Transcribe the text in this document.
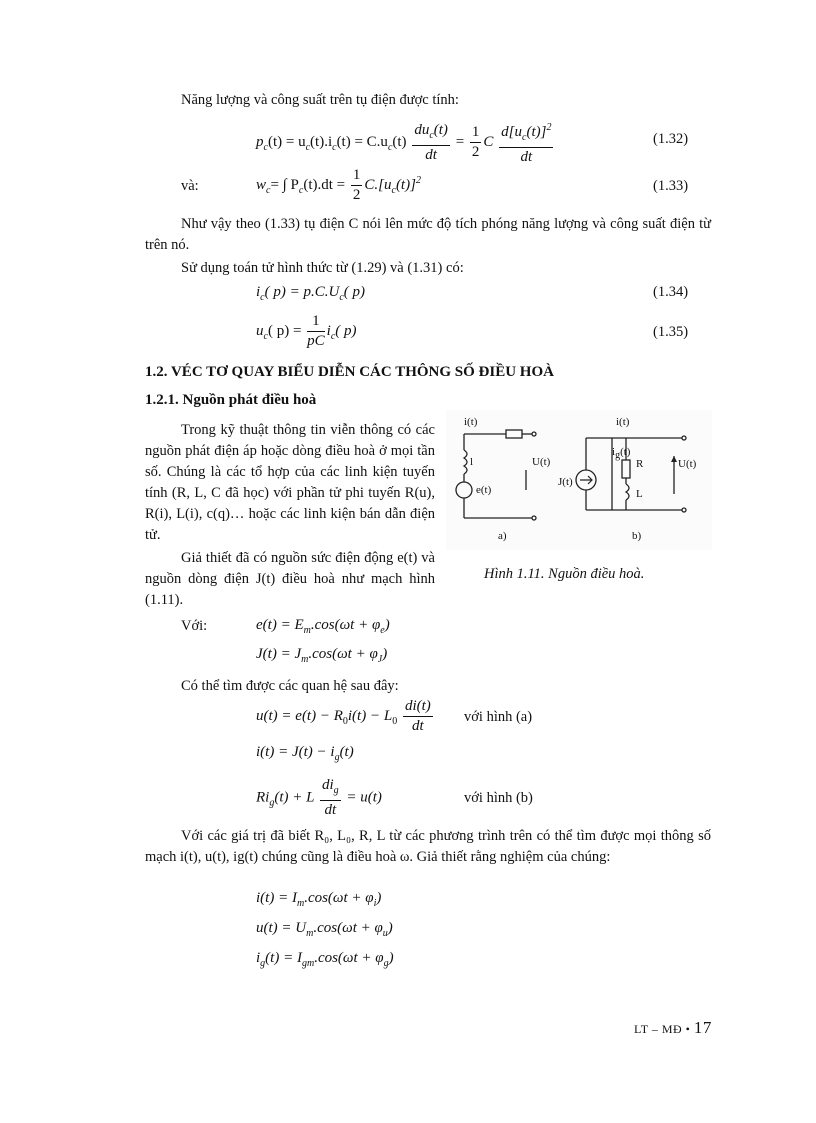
Năng lượng và công suất trên tụ điện được tính:
$p_c(t) = u_c(t).i_c(t) = C.u_c(t) \frac{du_c(t)}{dt} = \frac{1}{2}$ C $\frac{d[u_c(t)]^2}{dt}$	(1.32)
và:	$w_c=$ ∫ $P_c(t).dt = \frac{1}{2} C.[u_c(t)]^2$	(1.33)
Như vậy theo (1.33) tụ điện C nói lên mức độ tích phóng năng lượng và công suất điện từ trên nó.
Sử dụng toán tử hình thức từ (1.29) và (1.31) có:
$i_c$( $p) = p.C.U_c$( p)	(1.34)
$u_c$( $p) = \frac{1}{pC} i_c$( p)	(1.35)
1.2. VÉC TƠ QUAY BIỂU DIỄN CÁC THÔNG SỐ ĐIỀU HOÀ
1.2.1. Nguồn phát điều hoà
Trong kỹ thuật thông tin viễn thông có các nguồn phát điện áp hoặc dòng điều hoà ở mọi tần số. Chúng là các tổ hợp của các linh kiện tuyến tính (R, L, C đã học) với phần tử phi tuyến R(u), R(i), L(i), c(q)… hoặc các linh kiện bán dẫn điện tử.
Giả thiết đã có nguồn sức điện động e(t) và nguồn dòng điện J(t) điều hoà như mạch hình (1.11).
i(t)
l	U(t)
e(t)
a)
i(t)
$i_g(t)$
R
L
J(t)
U(t)
b)
Hình 1.11. Nguồn điều hoà.
Với:	$e(t) = E_m.\cos(\omega t + \varphi_e)$
$J(t) = J_m.\cos(\omega t + \varphi_J)$
Có thể tìm được các quan hệ sau đây:
$u(t) = e(t) - R_0i(t) - L_0 \frac{di(t)}{dt}$ với hình (a)
$i(t) = J(t) - i_g(t)$
$Ri_g(t) + L \frac{di_g}{dt} = u(t)$	với hình (b)
Với các giá trị đã biết R₀, L₀, R, L từ các phương trình trên có thể tìm được mọi thông số mạch i(t), u(t), ig(t) chúng cũng là điều hoà ω. Giả thiết rằng nghiệm của chúng:
$i(t) = I_m.\cos(\omega t + \varphi_i)$
$u(t) = U_m.\cos(\omega t + \varphi_u)$
$i_g(t) = I_{gm}.\cos(\omega t + \varphi_g)$
LT – MĐ • 17
